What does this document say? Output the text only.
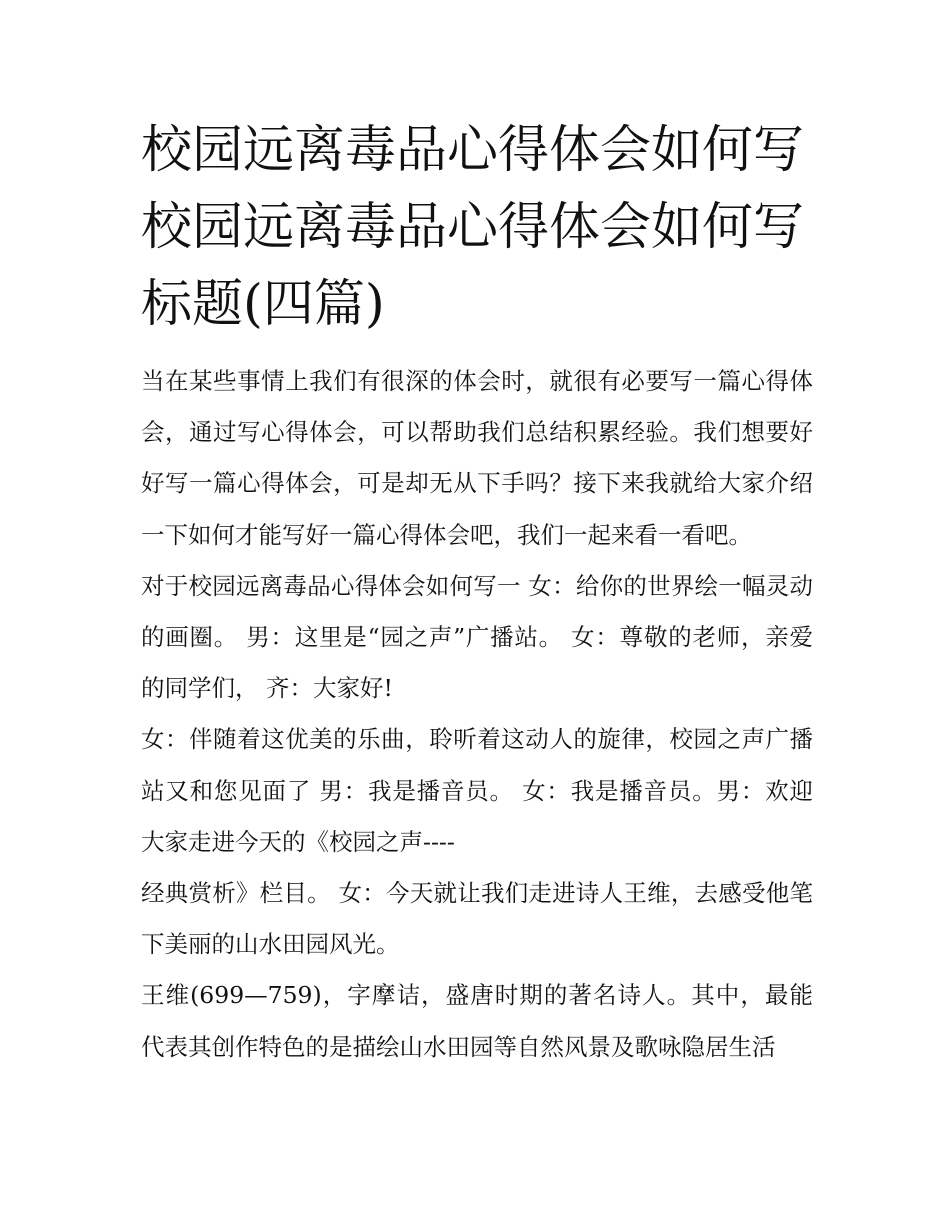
校园远离毒品心得体会如何写 校园远离毒品心得体会如何写标题(四篇)

当在某些事情上我们有很深的体会时，就很有必要写一篇心得体会，通过写心得体会，可以帮助我们总结积累经验。我们想要好好写一篇心得体会，可是却无从下手吗？接下来我就给大家介绍一下如何才能写好一篇心得体会吧，我们一起来看一看吧。

对于校园远离毒品心得体会如何写一 女：给你的世界绘一幅灵动的画圈。 男：这里是“园之声”广播站。 女：尊敬的老师，亲爱的同学们， 齐：大家好!

女：伴随着这优美的乐曲，聆听着这动人的旋律，校园之声广播站又和您见面了 男：我是播音员。 女：我是播音员。男：欢迎大家走进今天的《校园之声----

经典赏析》栏目。 女：今天就让我们走进诗人王维，去感受他笔下美丽的山水田园风光。

王维(699—759)，字摩诘，盛唐时期的著名诗人。其中，最能代表其创作特色的是描绘山水田园等自然风景及歌咏隐居生活
